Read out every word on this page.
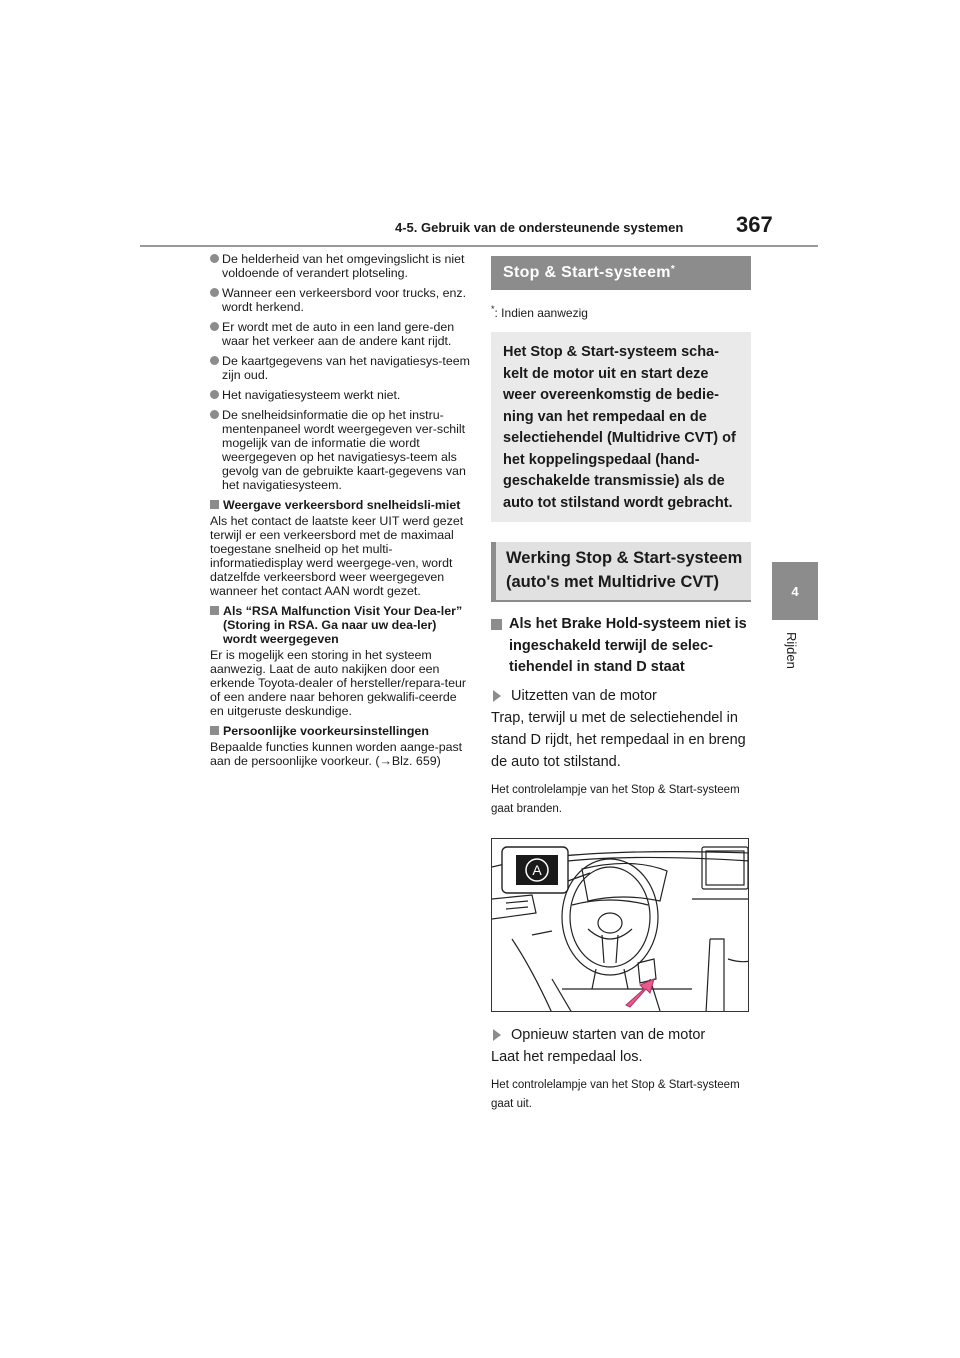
4-5. Gebruik van de ondersteunende systemen 367
4
Rijden
De helderheid van het omgevingslicht is niet voldoende of verandert plotseling.
Wanneer een verkeersbord voor trucks, enz. wordt herkend.
Er wordt met de auto in een land gere-den waar het verkeer aan de andere kant rijdt.
De kaartgegevens van het navigatiesys-teem zijn oud.
Het navigatiesysteem werkt niet.
De snelheidsinformatie die op het instru-mentenpaneel wordt weergegeven ver-schilt mogelijk van de informatie die wordt weergegeven op het navigatiesys-teem als gevolg van de gebruikte kaart-gegevens van het navigatiesysteem.
Weergave verkeersbord snelheidsli-miet
Als het contact de laatste keer UIT werd gezet terwijl er een verkeersbord met de maximaal toegestane snelheid op het multi-informatiedisplay werd weergege-ven, wordt datzelfde verkeersbord weer weergegeven wanneer het contact AAN wordt gezet.
Als “RSA Malfunction Visit Your Dea-ler” (Storing in RSA. Ga naar uw dea-ler) wordt weergegeven
Er is mogelijk een storing in het systeem aanwezig. Laat de auto nakijken door een erkende Toyota-dealer of hersteller/repara-teur of een andere naar behoren gekwalifi-ceerde en uitgeruste deskundige.
Persoonlijke voorkeursinstellingen
Bepaalde functies kunnen worden aange-past aan de persoonlijke voorkeur. (→Blz. 659)
Stop & Start-systeem*
*: Indien aanwezig
Het Stop & Start-systeem scha-kelt de motor uit en start deze weer overeenkomstig de bedie-ning van het rempedaal en de selectiehendel (Multidrive CVT) of het koppelingspedaal (hand-geschakelde transmissie) als de auto tot stilstand wordt gebracht.
Werking Stop & Start-systeem (auto's met Multidrive CVT)
Als het Brake Hold-systeem niet is ingeschakeld terwijl de selec-tiehendel in stand D staat
Uitzetten van de motor
Trap, terwijl u met de selectiehendel in stand D rijdt, het rempedaal in en breng de auto tot stilstand.
Het controlelampje van het Stop & Start-systeem gaat branden.
A
Opnieuw starten van de motor
Laat het rempedaal los.
Het controlelampje van het Stop & Start-systeem gaat uit.
